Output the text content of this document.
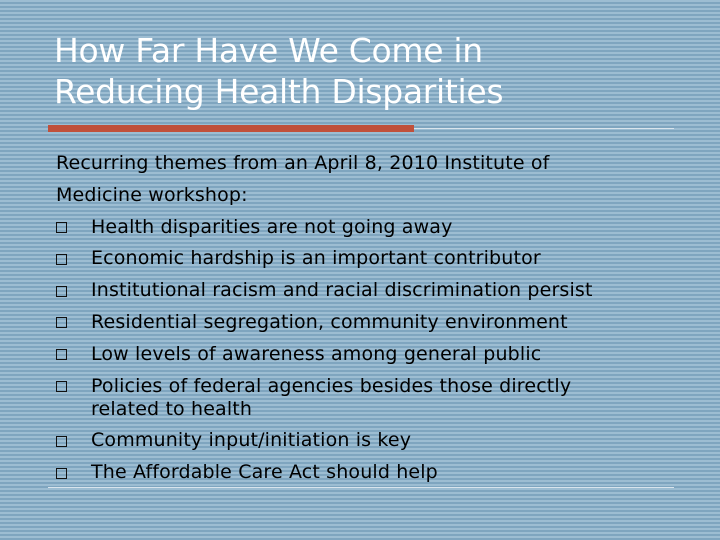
How Far Have We Come in
Reducing Health Disparities
Recurring themes from an April 8, 2010 Institute of
Medicine workshop:
Health disparities are not going away
Economic hardship is an important contributor
Institutional racism and racial discrimination persist
Residential segregation, community environment
Low levels of awareness among general public
Policies of federal agencies besides those directly
related to health
Community input/initiation is key
The Affordable Care Act should help
